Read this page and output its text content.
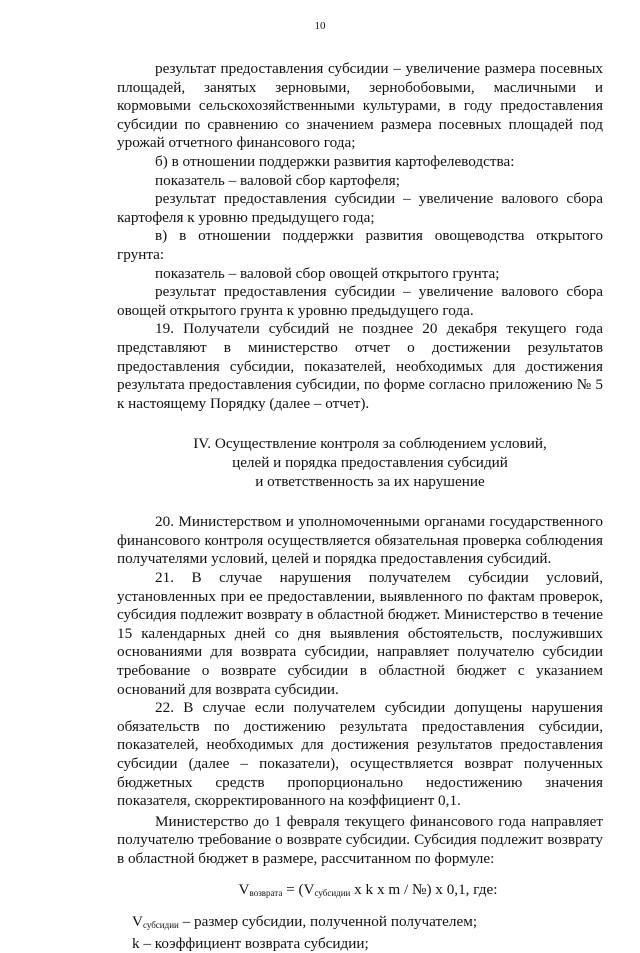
10

результат предоставления субсидии – увеличение размера посевных площадей, занятых зерновыми, зернобобовыми, масличными и кормовыми сельскохозяйственными культурами, в году предоставления субсидии по сравнению со значением размера посевных площадей под урожай отчетного финансового года;

б) в отношении поддержки развития картофелеводства:

показатель – валовой сбор картофеля;

результат предоставления субсидии – увеличение валового сбора картофеля к уровню предыдущего года;

в) в отношении поддержки развития овощеводства открытого грунта:

показатель – валовой сбор овощей открытого грунта;

результат предоставления субсидии – увеличение валового сбора овощей открытого грунта к уровню предыдущего года.

19. Получатели субсидий не позднее 20 декабря текущего года представляют в министерство отчет о достижении результатов предоставления субсидии, показателей, необходимых для достижения результата предоставления субсидии, по форме согласно приложению № 5 к настоящему Порядку (далее – отчет).

IV. Осуществление контроля за соблюдением условий,
целей и порядка предоставления субсидий
и ответственность за их нарушение

20. Министерством и уполномоченными органами государственного финансового контроля осуществляется обязательная проверка соблюдения получателями условий, целей и порядка предоставления субсидий.

21. В случае нарушения получателем субсидии условий, установленных при ее предоставлении, выявленного по фактам проверок, субсидия подлежит возврату в областной бюджет. Министерство в течение 15 календарных дней со дня выявления обстоятельств, послуживших основаниями для возврата субсидии, направляет получателю субсидии требование о возврате субсидии в областной бюджет с указанием оснований для возврата субсидии.

22. В случае если получателем субсидии допущены нарушения обязательств по достижению результата предоставления субсидии, показателей, необходимых для достижения результатов предоставления субсидии (далее – показатели), осуществляется возврат полученных бюджетных средств пропорционально недостижению значения показателя, скорректированного на коэффициент 0,1.

Министерство до 1 февраля текущего финансового года направляет получателю требование о возврате субсидии. Субсидия подлежит возврату в областной бюджет в размере, рассчитанном по формуле:

$V_{возврата} = (V_{субсидии}$ x k x m / №) x 0,1, где:

$V_{субсидии}$ – размер субсидии, полученной получателем;

k – коэффициент возврата субсидии;
